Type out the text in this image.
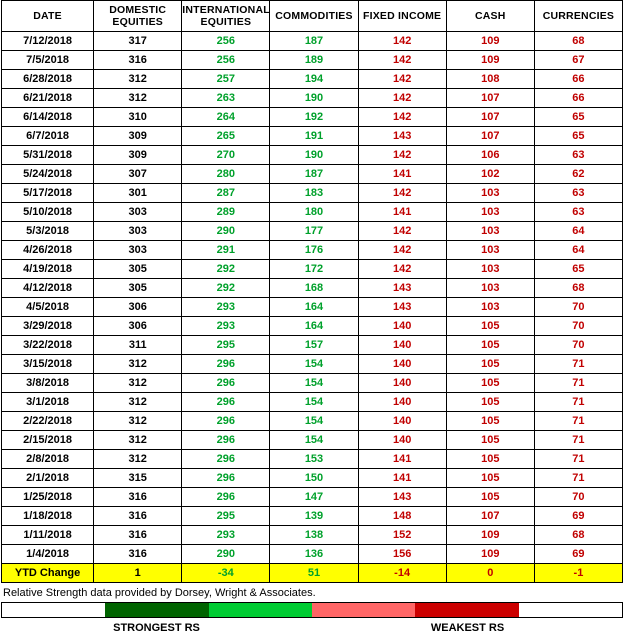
DATE	DOMESTIC EQUITIES	INTERNATIONAL EQUITIES	COMMODITIES	FIXED INCOME	CASH	CURRENCIES
7/12/2018	317	256	187	142	109	68
7/5/2018	316	256	189	142	109	67
6/28/2018	312	257	194	142	108	66
6/21/2018	312	263	190	142	107	66
6/14/2018	310	264	192	142	107	65
6/7/2018	309	265	191	143	107	65
5/31/2018	309	270	190	142	106	63
5/24/2018	307	280	187	141	102	62
5/17/2018	301	287	183	142	103	63
5/10/2018	303	289	180	141	103	63
5/3/2018	303	290	177	142	103	64
4/26/2018	303	291	176	142	103	64
4/19/2018	305	292	172	142	103	65
4/12/2018	305	292	168	143	103	68
4/5/2018	306	293	164	143	103	70
3/29/2018	306	293	164	140	105	70
3/22/2018	311	295	157	140	105	70
3/15/2018	312	296	154	140	105	71
3/8/2018	312	296	154	140	105	71
3/1/2018	312	296	154	140	105	71
2/22/2018	312	296	154	140	105	71
2/15/2018	312	296	154	140	105	71
2/8/2018	312	296	153	141	105	71
2/1/2018	315	296	150	141	105	71
1/25/2018	316	296	147	143	105	70
1/18/2018	316	295	139	148	107	69
1/11/2018	316	293	138	152	109	68
1/4/2018	316	290	136	156	109	69
YTD Change	1	-34	51	-14	0	-1
Relative Strength data provided by Dorsey, Wright & Associates.
STRONGEST RS	WEAKEST RS
